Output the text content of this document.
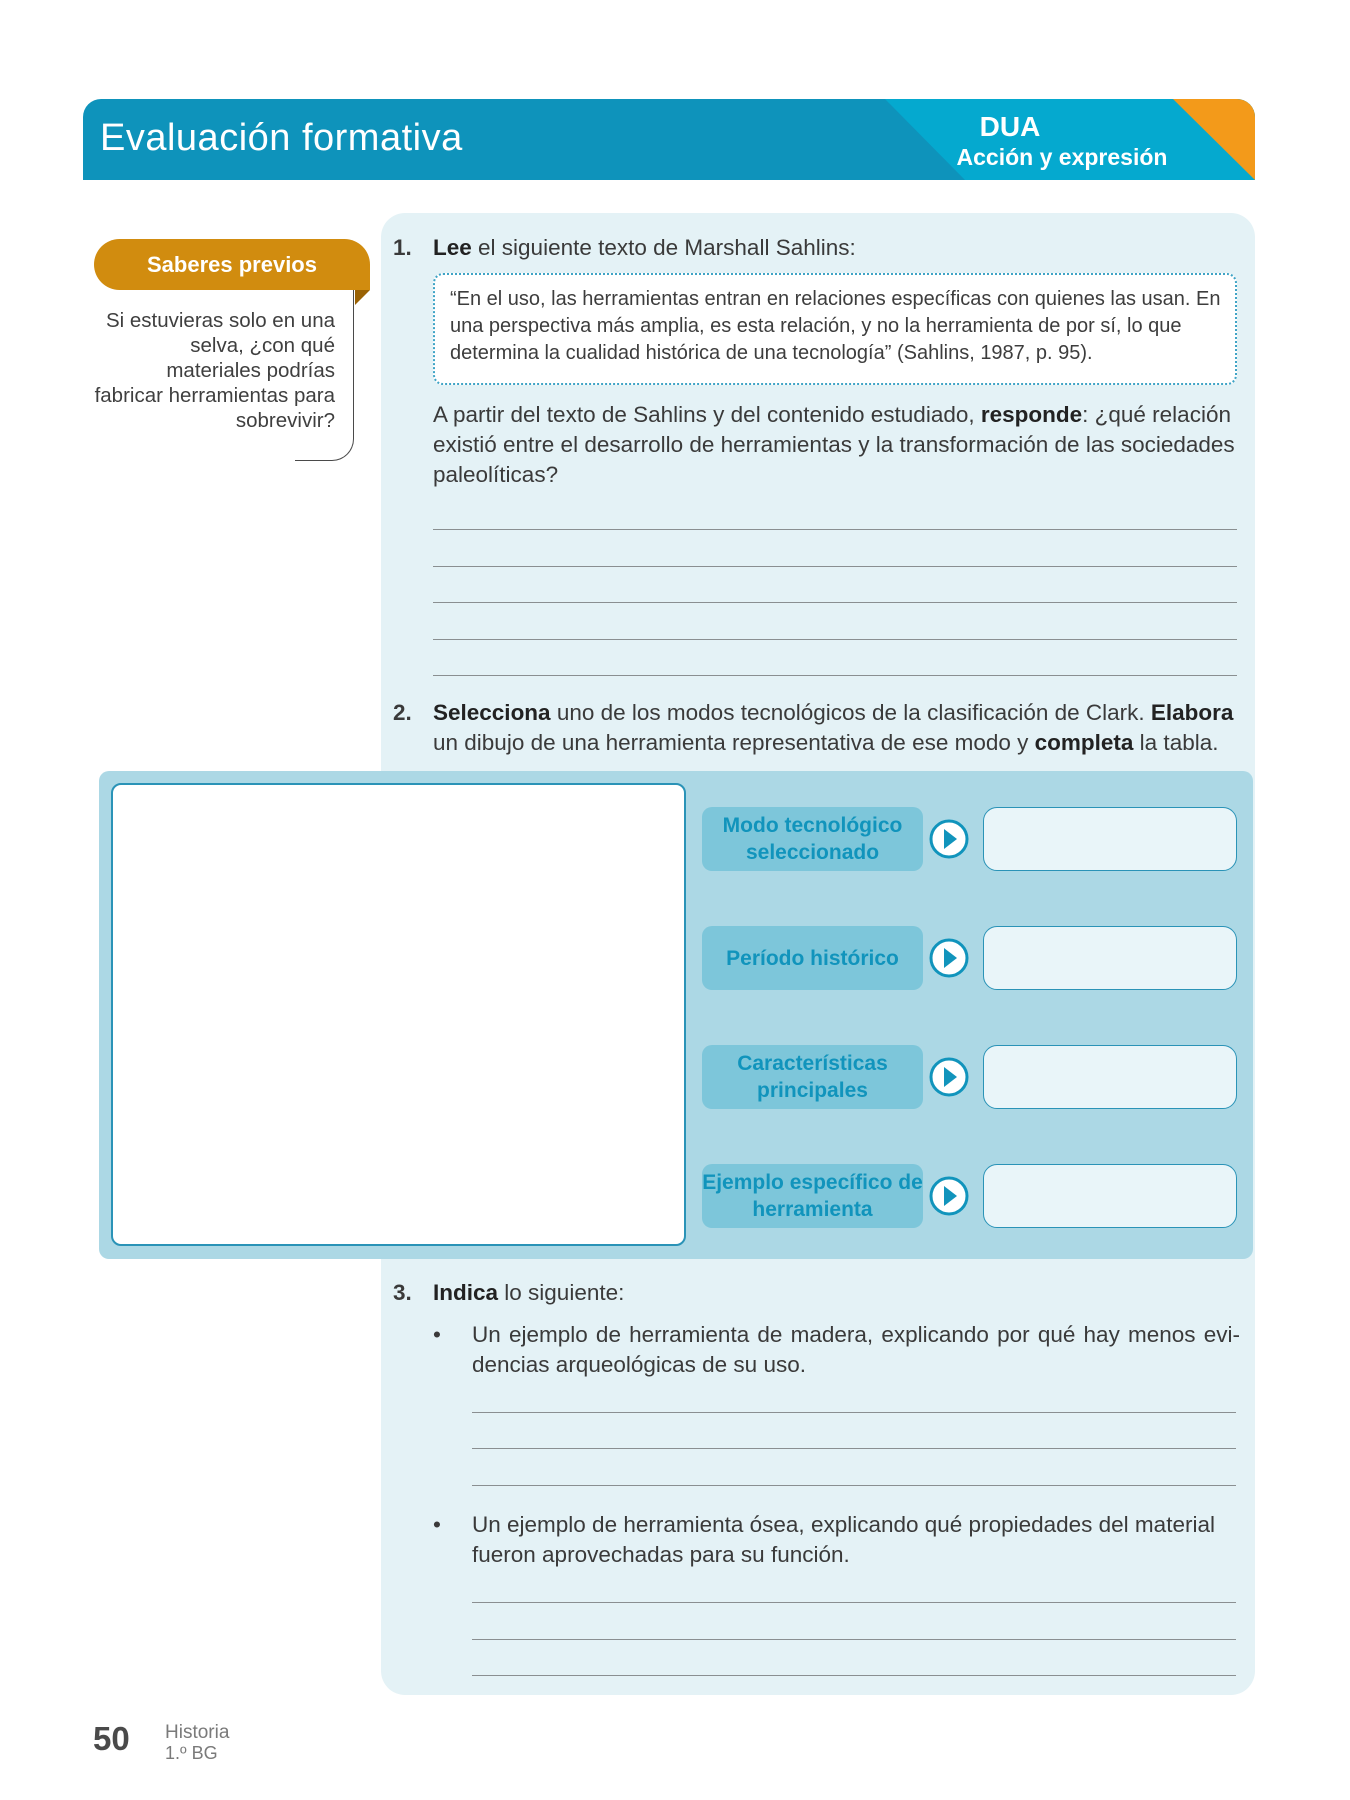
Evaluación formativa	DUA
Acción y expresión
Saberes previos
Si estuvieras solo en una selva, ¿con qué materiales podrías fabricar herramientas para sobrevivir?
1. Lee el siguiente texto de Marshall Sahlins:
“En el uso, las herramientas entran en relaciones específicas con quienes las usan. En una perspectiva más amplia, es esta relación, y no la herramienta de por sí, lo que determina la cualidad histórica de una tecnología” (Sahlins, 1987, p. 95).
A partir del texto de Sahlins y del contenido estudiado, responde: ¿qué relación existió entre el desarrollo de herramientas y la transformación de las sociedades paleolíticas?
2. Selecciona uno de los modos tecnológicos de la clasificación de Clark. Elabora un dibujo de una herramienta representativa de ese modo y completa la tabla.
Modo tecnológico seleccionado
Período histórico
Características principales
Ejemplo específico de herramienta
3. Indica lo siguiente:
•	Un ejemplo de herramienta de madera, explicando por qué hay menos evi-dencias arqueológicas de su uso.
•	Un ejemplo de herramienta ósea, explicando qué propiedades del material fueron aprovechadas para su función.
50 Historia
1.º BG
